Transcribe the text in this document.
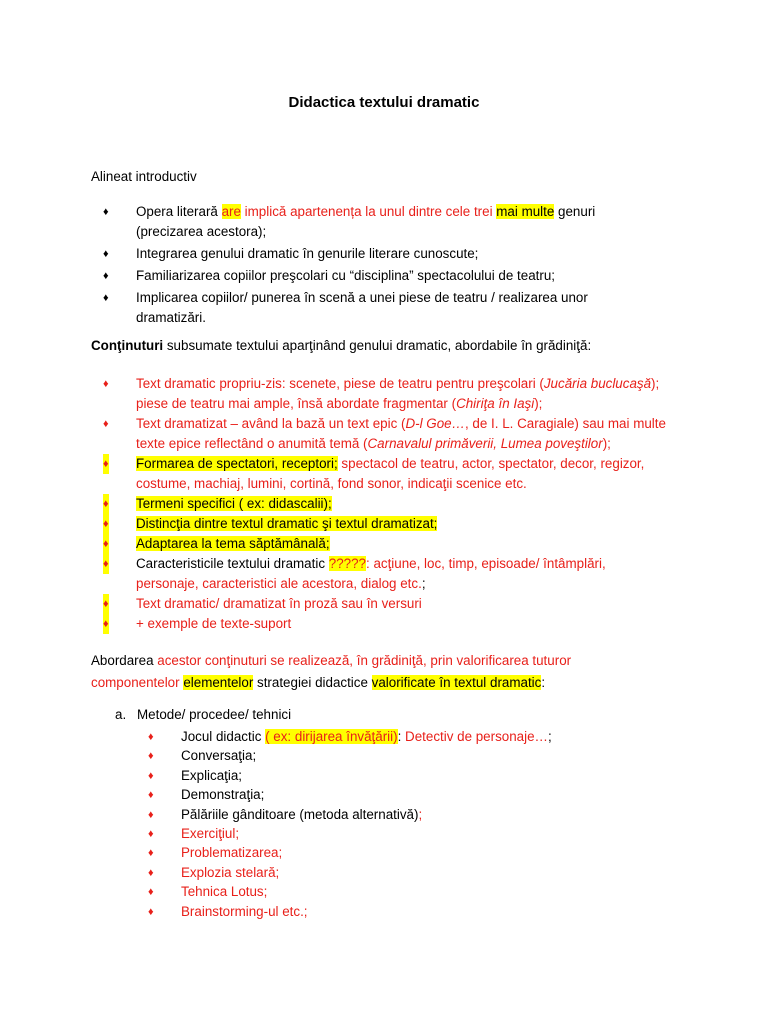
Didactica textului dramatic
Alineat introductiv
♦ Opera literară are implică apartenența la unul dintre cele trei mai multe genuri
(precizarea acestora);
♦ Integrarea genului dramatic în genurile literare cunoscute;
♦ Familiarizarea copiilor preşcolari cu “disciplina” spectacolului de teatru;
♦ Implicarea copiilor/ punerea în scenă a unei piese de teatru / realizarea unor
dramatizări.
Conţinuturi subsumate textului aparţinând genului dramatic, abordabile în grădiniţă:
♦ Text dramatic propriu-zis: scenete, piese de teatru pentru preşcolari (Jucăria buclucaşă);
piese de teatru mai ample, însă abordate fragmentar (Chiriţa în Iaşi);
♦ Text dramatizat – având la bază un text epic (D-l Goe…, de I. L. Caragiale) sau mai multe
texte epice reflectând o anumită temă (Carnavalul primăverii, Lumea poveştilor);
♦ Formarea de spectatori, receptori; spectacol de teatru, actor, spectator, decor, regizor,
costume, machiaj, lumini, cortină, fond sonor, indicaţii scenice etc.
♦ Termeni specifici ( ex: didascalii);
♦ Distincţia dintre textul dramatic şi textul dramatizat;
♦ Adaptarea la tema săptămânală;
♦ Caracteristicile textului dramatic ?????: acţiune, loc, timp, episoade/ întâmplări,
personaje, caracteristici ale acestora, dialog etc.;
♦ Text dramatic/ dramatizat în proză sau în versuri
♦ + exemple de texte-suport
Abordarea acestor conţinuturi se realizează, în grădiniţă, prin valorificarea tuturor
componentelor elementelor strategiei didactice valorificate în textul dramatic:
a. Metode/ procedee/ tehnici
♦ Jocul didactic ( ex: dirijarea învăţării): Detectiv de personaje…;
♦ Conversaţia;
♦ Explicaţia;
♦ Demonstraţia;
♦ Pălăriile gânditoare (metoda alternativă);
♦ Exerciţiul;
♦ Problematizarea;
♦ Explozia stelară;
♦ Tehnica Lotus;
♦ Brainstorming-ul etc.;
